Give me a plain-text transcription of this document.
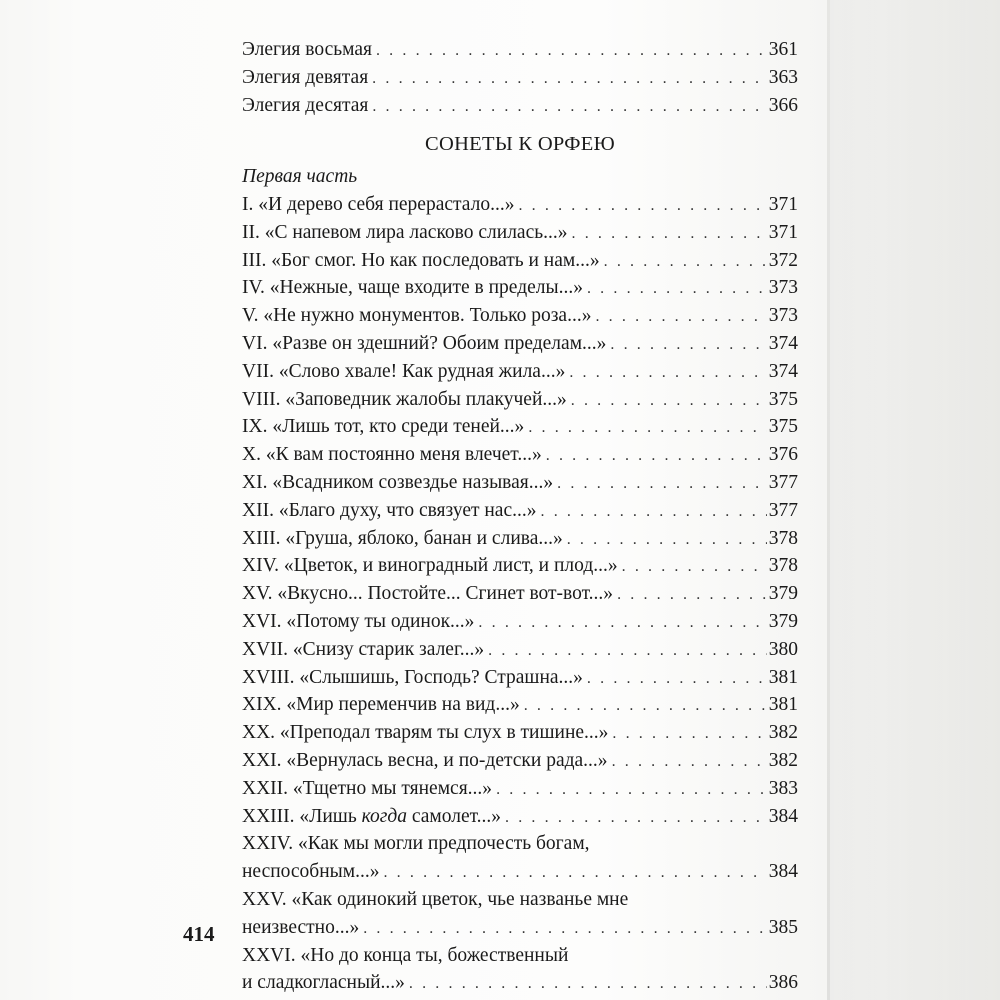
Элегия восьмая . . .	361
Элегия девятая . . .	363
Элегия десятая . . .	366
СОНЕТЫ К ОРФЕЮ
Первая часть
I. «И дерево себя перерастало...» . . .	371
II. «С напевом лира ласково слилась...» . . .	371
III. «Бог смог. Но как последовать и нам...» . . .	372
IV. «Нежные, чаще входите в пределы...» . . .	373
V. «Не нужно монументов. Только роза...» . . .	373
VI. «Разве он здешний? Обоим пределам...» . . .	374
VII. «Слово хвале! Как рудная жила...» . . .	374
VIII. «Заповедник жалобы плакучей...» . . .	375
IX. «Лишь тот, кто среди теней...» . . .	375
X. «К вам постоянно меня влечет...» . . .	376
XI. «Всадником созвездье называя...» . . .	377
XII. «Благо духу, что связует нас...» . . .	377
XIII. «Груша, яблоко, банан и слива...» . . .	378
XIV. «Цветок, и виноградный лист, и плод...» . . .	378
XV. «Вкусно... Постойте... Сгинет вот-вот...» . . .	379
XVI. «Потому ты одинок...» . . .	379
XVII. «Снизу старик залег...» . . .	380
XVIII. «Слышишь, Господь? Страшна...» . . .	381
XIX. «Мир переменчив на вид...» . . .	381
XX. «Преподал тварям ты слух в тишине...» . . .	382
XXI. «Вернулась весна, и по-детски рада...» . . .	382
XXII. «Тщетно мы тянемся...» . . .	383
XXIII. «Лишь когда самолет...» . . .	384
XXIV. «Как мы могли предпочесть богам,
неспособным...» . . .	384
XXV. «Как одинокий цветок, чье названье мне
неизвестно...» . . .	385
XXVI. «Но до конца ты, божественный
и сладкогласный...» . . .	386
414
